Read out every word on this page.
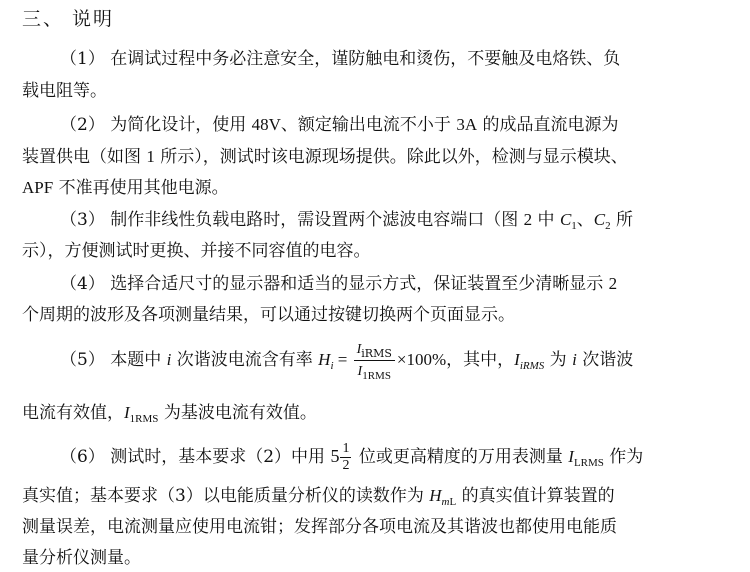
三、 说明
（1） 在调试过程中务必注意安全，谨防触电和烫伤，不要触及电烙铁、负
载电阻等。
（2） 为简化设计，使用 48V、额定输出电流不小于 3A 的成品直流电源为
装置供电（如图 1 所示），测试时该电源现场提供。除此以外，检测与显示模块、
APF 不准再使用其他电源。
（3） 制作非线性负载电路时，需设置两个滤波电容端口（图 2 中 $C_1$、$C_2$ 所
示），方便测试时更换、并接不同容值的电容。
（4） 选择合适尺寸的显示器和适当的显示方式，保证装置至少清晰显示 2
个周期的波形及各项测量结果，可以通过按键切换两个页面显示。
（5） 本题中 i 次谐波电流含有率 $H_i = \frac{I_{iRMS}}{I_{1RMS}} \times 100\%$，其中，$I_{iRMS}$ 为 i 次谐波
电流有效值，$I_{1RMS}$ 为基波电流有效值。
（6） 测试时，基本要求（2）中用 $5 \frac{1}{2}$ 位或更高精度的万用表测量 $I_{LRMS}$ 作为
真实值；基本要求（3）以电能质量分析仪的读数作为 $H_{mL}$ 的真实值计算装置的
测量误差，电流测量应使用电流钳；发挥部分各项电流及其谐波也都使用电能质
量分析仪测量。
